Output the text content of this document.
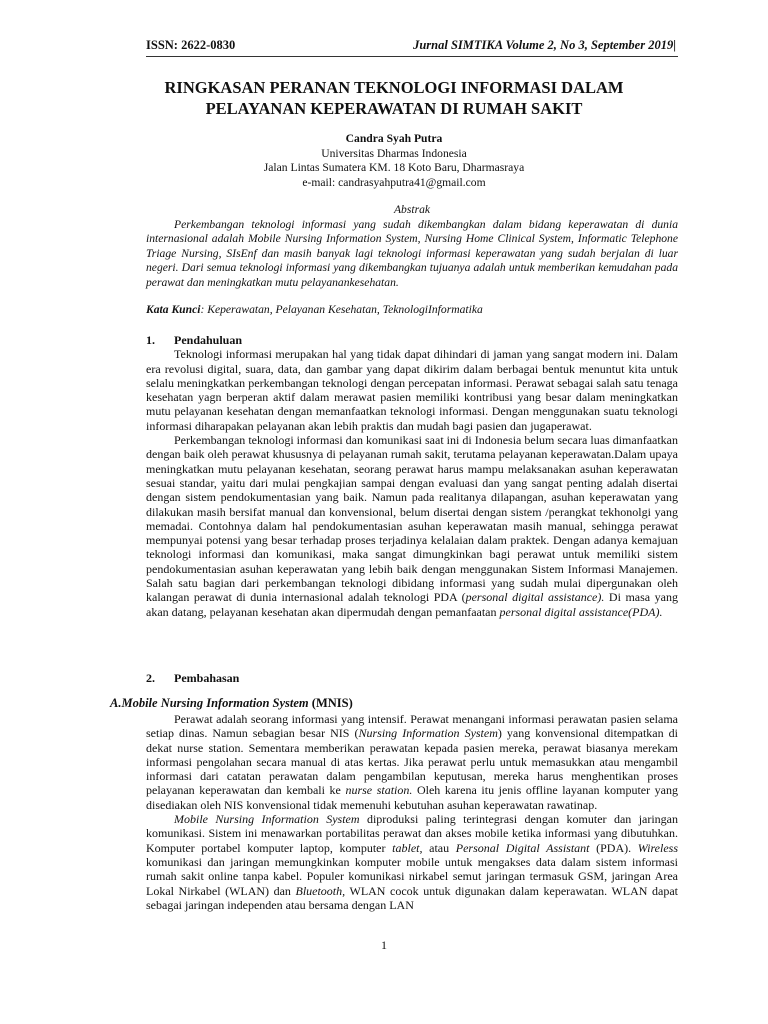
ISSN: 2622-0830	Jurnal SIMTIKA Volume 2, No 3, September 2019|
RINGKASAN PERANAN TEKNOLOGI INFORMASI DALAM
PELAYANAN KEPERAWATAN DI RUMAH SAKIT
Candra Syah Putra
Universitas Dharmas Indonesia
Jalan Lintas Sumatera KM. 18 Koto Baru, Dharmasraya
e-mail: candrasyahputra41@gmail.com
Abstrak

Perkembangan teknologi informasi yang sudah dikembangkan dalam bidang keperawatan di dunia internasional adalah Mobile Nursing Information System, Nursing Home Clinical System, Informatic Telephone Triage Nursing, SIsEnf dan masih banyak lagi teknologi informasi keperawatan yang sudah berjalan di luar negeri. Dari semua teknologi informasi yang dikembangkan tujuanya adalah untuk memberikan kemudahan pada perawat dan meningkatkan mutu pelayanankesehatan.

Kata Kunci: Keperawatan, Pelayanan Kesehatan, TeknologiInformatika
1. Pendahuluan

Teknologi informasi merupakan hal yang tidak dapat dihindari di jaman yang sangat modern ini. Dalam era revolusi digital, suara, data, dan gambar yang dapat dikirim dalam berbagai bentuk menuntut kita untuk selalu meningkatkan perkembangan teknologi dengan percepatan informasi. Perawat sebagai salah satu tenaga kesehatan yagn berperan aktif dalam merawat pasien memiliki kontribusi yang besar dalam meningkatkan mutu pelayanan kesehatan dengan memanfaatkan teknologi informasi. Dengan menggunakan suatu teknologi informasi diharapakan pelayanan akan lebih praktis dan mudah bagi pasien dan jugaperawat.

Perkembangan teknologi informasi dan komunikasi saat ini di Indonesia belum secara luas dimanfaatkan dengan baik oleh perawat khususnya di pelayanan rumah sakit, terutama pelayanan keperawatan.Dalam upaya meningkatkan mutu pelayanan kesehatan, seorang perawat harus mampu melaksanakan asuhan keperawatan sesuai standar, yaitu dari mulai pengkajian sampai dengan evaluasi dan yang sangat penting adalah disertai dengan sistem pendokumentasian yang baik. Namun pada realitanya dilapangan, asuhan keperawatan yang dilakukan masih bersifat manual dan konvensional, belum disertai dengan sistem /perangkat tekhonolgi yang memadai. Contohnya dalam hal pendokumentasian asuhan keperawatan masih manual, sehingga perawat mempunyai potensi yang besar terhadap proses terjadinya kelalaian dalam praktek. Dengan adanya kemajuan teknologi informasi dan komunikasi, maka sangat dimungkinkan bagi perawat untuk memiliki sistem pendokumentasian asuhan keperawatan yang lebih baik dengan menggunakan Sistem Informasi Manajemen. Salah satu bagian dari perkembangan teknologi dibidang informasi yang sudah mulai dipergunakan oleh kalangan perawat di dunia internasional adalah teknologi PDA (personal digital assistance). Di masa yang akan datang, pelayanan kesehatan akan dipermudah dengan pemanfaatan personal digital assistance(PDA).

2. Pembahasan
A.Mobile Nursing Information System (MNIS)

Perawat adalah seorang informasi yang intensif. Perawat menangani informasi perawatan pasien selama setiap dinas. Namun sebagian besar NIS (Nursing Information System) yang konvensional ditempatkan di dekat nurse station. Sementara memberikan perawatan kepada pasien mereka, perawat biasanya merekam informasi pengolahan secara manual di atas kertas. Jika perawat perlu untuk memasukkan atau mengambil informasi dari catatan perawatan dalam pengambilan keputusan, mereka harus menghentikan proses pelayanan keperawatan dan kembali ke nurse station. Oleh karena itu jenis offline layanan komputer yang disediakan oleh NIS konvensional tidak memenuhi kebutuhan asuhan keperawatan rawatinap.

Mobile Nursing Information System diproduksi paling terintegrasi dengan komuter dan jaringan komunikasi. Sistem ini menawarkan portabilitas perawat dan akses mobile ketika informasi yang dibutuhkan. Komputer portabel komputer laptop, komputer tablet, atau Personal Digital Assistant (PDA). Wireless komunikasi dan jaringan memungkinkan komputer mobile untuk mengakses data dalam sistem informasi rumah sakit online tanpa kabel. Populer komunikasi nirkabel semut jaringan termasuk GSM, jaringan Area Lokal Nirkabel (WLAN) dan Bluetooth, WLAN cocok untuk digunakan dalam keperawatan. WLAN dapat sebagai jaringan independen atau bersama dengan LAN

1
